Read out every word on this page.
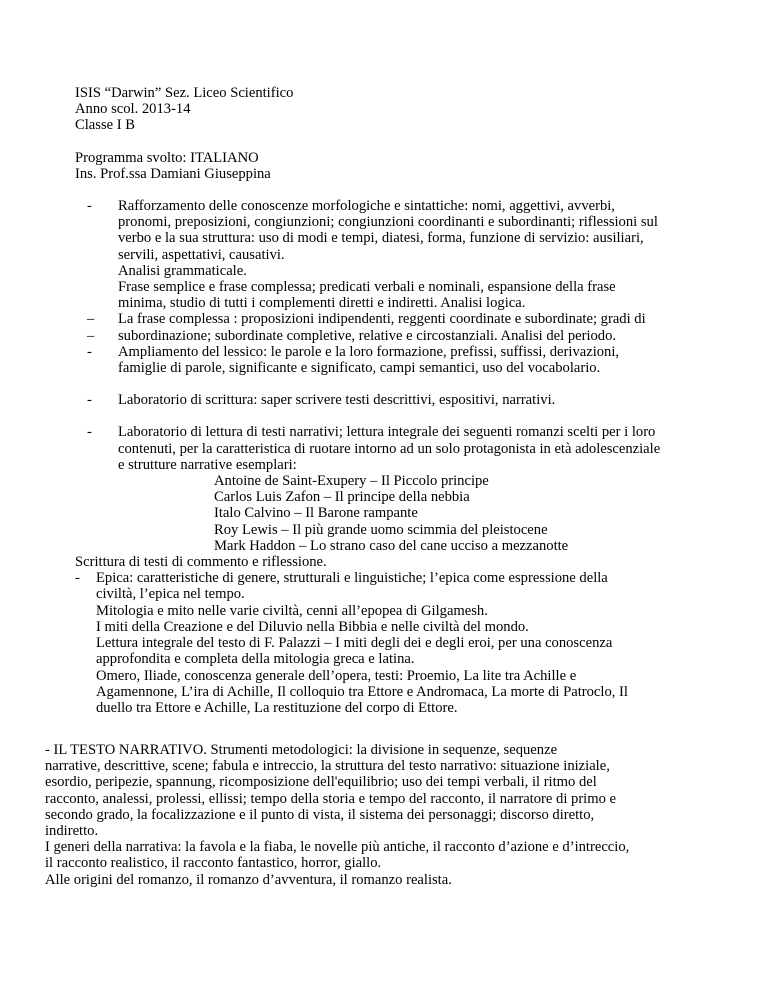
ISIS “Darwin” Sez. Liceo Scientifico
Anno scol. 2013-14
Classe I B
Programma svolto: ITALIANO
Ins. Prof.ssa Damiani Giuseppina
- Rafforzamento delle conoscenze morfologiche e sintattiche: nomi, aggettivi, avverbi,
pronomi, preposizioni, congiunzioni; congiunzioni coordinanti e subordinanti; riflessioni sul
verbo e la sua struttura: uso di modi e tempi, diatesi, forma, funzione di servizio: ausiliari,
servili, aspettativi, causativi.
Analisi grammaticale.
Frase semplice e frase complessa; predicati verbali e nominali, espansione della frase
minima, studio di tutti i complementi diretti e indiretti. Analisi logica.
– La frase complessa : proposizioni indipendenti, reggenti coordinate e subordinate; gradi di
– subordinazione; subordinate completive, relative e circostanziali. Analisi del periodo.
- Ampliamento del lessico: le parole e la loro formazione, prefissi, suffissi, derivazioni,
famiglie di parole, significante e significato, campi semantici, uso del vocabolario.
- Laboratorio di scrittura: saper scrivere testi descrittivi, espositivi, narrativi.
- Laboratorio di lettura di testi narrativi; lettura integrale dei seguenti romanzi scelti per i loro
contenuti, per la caratteristica di ruotare intorno ad un solo protagonista in età adolescenziale
e strutture narrative esemplari:
Antoine de Saint-Exupery – Il Piccolo principe
Carlos Luis Zafon – Il principe della nebbia
Italo Calvino – Il Barone rampante
Roy Lewis – Il più grande uomo scimmia del pleistocene
Mark Haddon – Lo strano caso del cane ucciso a mezzanotte
Scrittura di testi di commento e riflessione.
- Epica: caratteristiche di genere, strutturali e linguistiche; l’epica come espressione della
civiltà, l’epica nel tempo.
Mitologia e mito nelle varie civiltà, cenni all’epopea di Gilgamesh.
I miti della Creazione e del Diluvio nella Bibbia e nelle civiltà del mondo.
Lettura integrale del testo di F. Palazzi – I miti degli dei e degli eroi, per una conoscenza
approfondita e completa della mitologia greca e latina.
Omero, Iliade, conoscenza generale dell’opera, testi: Proemio, La lite tra Achille e
Agamennone, L’ira di Achille, Il colloquio tra Ettore e Andromaca, La morte di Patroclo, Il
duello tra Ettore e Achille, La restituzione del corpo di Ettore.
- IL TESTO NARRATIVO. Strumenti metodologici: la divisione in sequenze, sequenze
narrative, descrittive, scene; fabula e intreccio, la struttura del testo narrativo: situazione iniziale,
esordio, peripezie, spannung, ricomposizione dell'equilibrio; uso dei tempi verbali, il ritmo del
racconto, analessi, prolessi, ellissi; tempo della storia e tempo del racconto, il narratore di primo e
secondo grado, la focalizzazione e il punto di vista, il sistema dei personaggi; discorso diretto,
indiretto.
I generi della narrativa: la favola e la fiaba, le novelle più antiche, il racconto d’azione e d’intreccio,
il racconto realistico, il racconto fantastico, horror, giallo.
Alle origini del romanzo, il romanzo d’avventura, il romanzo realista.
